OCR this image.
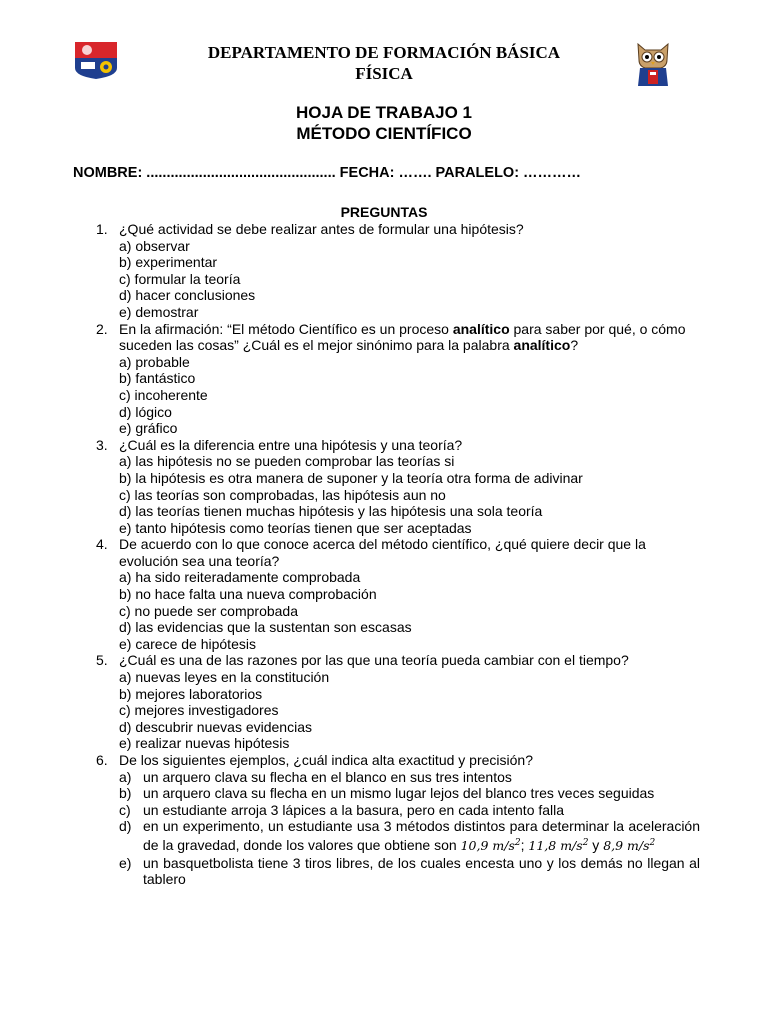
DEPARTAMENTO DE FORMACIÓN BÁSICA
FÍSICA
HOJA DE TRABAJO 1
MÉTODO CIENTÍFICO
NOMBRE: ............................................... FECHA: ……. PARALELO: …………
PREGUNTAS
1. ¿Qué actividad se debe realizar antes de formular una hipótesis?
a) observar
b) experimentar
c) formular la teoría
d) hacer conclusiones
e) demostrar
2. En la afirmación: “El método Científico es un proceso analítico para saber por qué, o cómo suceden las cosas” ¿Cuál es el mejor sinónimo para la palabra analítico?
a) probable
b) fantástico
c) incoherente
d) lógico
e) gráfico
3. ¿Cuál es la diferencia entre una hipótesis y una teoría?
a) las hipótesis no se pueden comprobar las teorías si
b) la hipótesis es otra manera de suponer y la teoría otra forma de adivinar
c) las teorías son comprobadas, las hipótesis aun no
d) las teorías tienen muchas hipótesis y las hipótesis una sola teoría
e) tanto hipótesis como teorías tienen que ser aceptadas
4. De acuerdo con lo que conoce acerca del método científico, ¿qué quiere decir que la evolución sea una teoría?
a) ha sido reiteradamente comprobada
b) no hace falta una nueva comprobación
c) no puede ser comprobada
d) las evidencias que la sustentan son escasas
e) carece de hipótesis
5. ¿Cuál es una de las razones por las que una teoría pueda cambiar con el tiempo?
a) nuevas leyes en la constitución
b) mejores laboratorios
c) mejores investigadores
d) descubrir nuevas evidencias
e) realizar nuevas hipótesis
6. De los siguientes ejemplos, ¿cuál indica alta exactitud y precisión?
a) un arquero clava su flecha en el blanco en sus tres intentos
b) un arquero clava su flecha en un mismo lugar lejos del blanco tres veces seguidas
c) un estudiante arroja 3 lápices a la basura, pero en cada intento falla
d) en un experimento, un estudiante usa 3 métodos distintos para determinar la aceleración de la gravedad, donde los valores que obtiene son 10,9 $m/s^2$; 11,8 $m/s^2$ y 8,9 $m/s^2$
e) un basquetbolista tiene 3 tiros libres, de los cuales encesta uno y los demás no llegan al tablero
